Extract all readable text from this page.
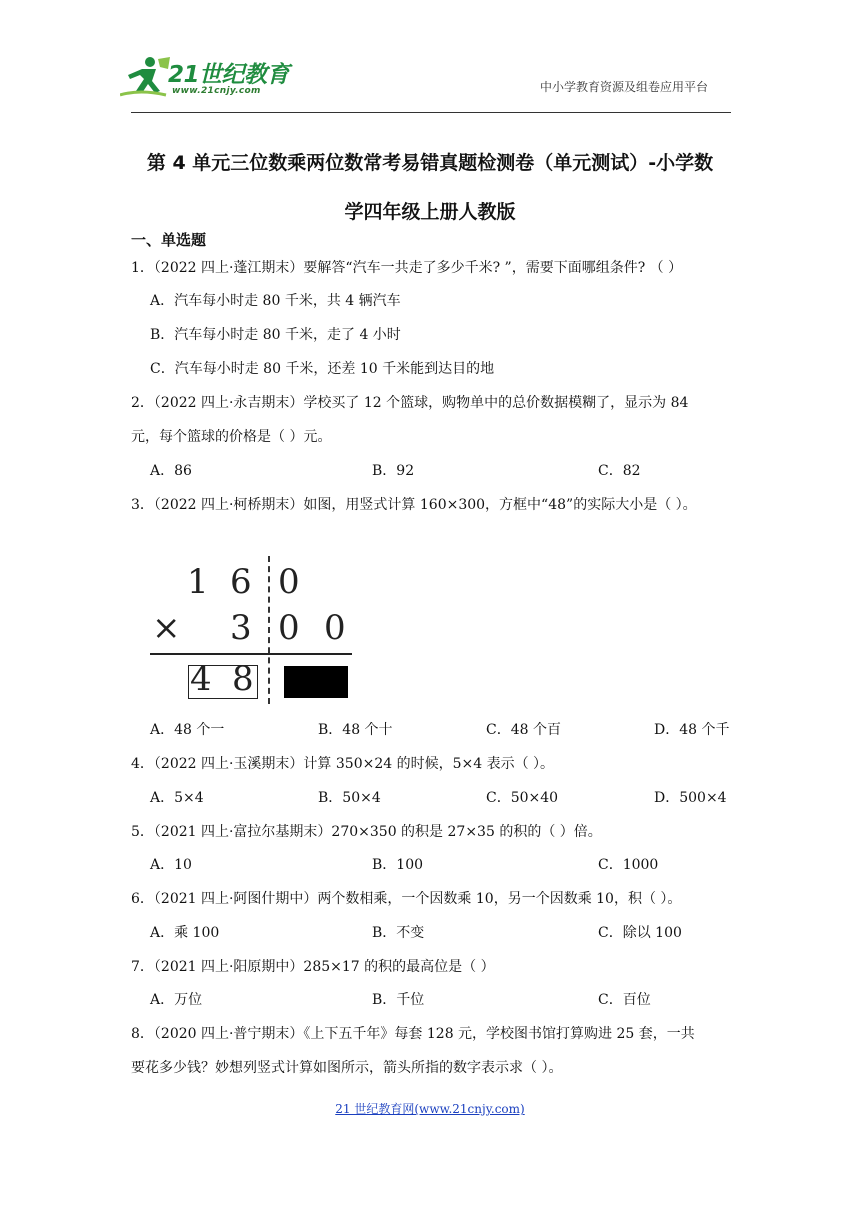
21世纪教育
www.21cnjy.com	中小学教育资源及组卷应用平台
第 4 单元三位数乘两位数常考易错真题检测卷（单元测试）-小学数
学四年级上册人教版
一、单选题
1．（2022 四上·蓬江期末）要解答“汽车一共走了多少千米? ”，需要下面哪组条件? （ ）
A．汽车每小时走 80 千米，共 4 辆汽车
B．汽车每小时走 80 千米，走了 4 小时
C．汽车每小时走 80 千米，还差 10 千米能到达目的地
2．（2022 四上·永吉期末）学校买了 12 个篮球，购物单中的总价数据模糊了，显示为 84
元，每个篮球的价格是（ ）元。
A．86	B．92	C．82
3．（2022 四上·柯桥期末）如图，用竖式计算 160×300，方框中“48”的实际大小是（ ）。
1 6 0
× 3 0 0
4 8
A．48 个一	B．48 个十	C．48 个百	D．48 个千
4．（2022 四上·玉溪期末）计算 350×24 的时候，5×4 表示（ ）。
A．5×4	B．50×4	C．50×40	D．500×4
5．（2021 四上·富拉尔基期末）270×350 的积是 27×35 的积的（ ）倍。
A．10	B．100	C．1000
6．（2021 四上·阿图什期中）两个数相乘，一个因数乘 10，另一个因数乘 10，积（ ）。
A．乘 100	B．不变	C．除以 100
7．（2021 四上·阳原期中）285×17 的积的最高位是（ ）
A．万位	B．千位	C．百位
8．（2020 四上·普宁期末）《上下五千年》每套 128 元，学校图书馆打算购进 25 套，一共
要花多少钱？妙想列竖式计算如图所示，箭头所指的数字表示求（ ）。
21 世纪教育网(www.21cnjy.com)
